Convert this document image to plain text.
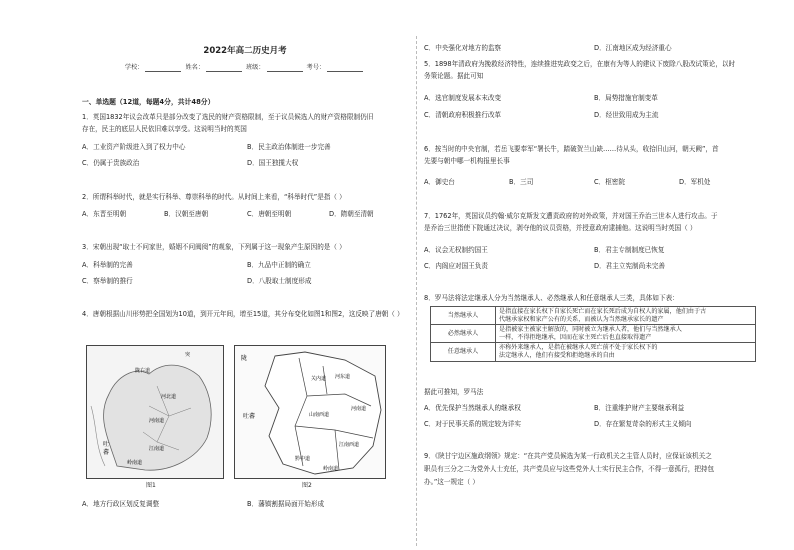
2022年高二历史月考
学校：	姓名：	班级：	考号：
一、单选题（12道，每题4分，共计48分）
1．英国1832年议会改革只是部分改变了选民的财产资格限制，至于议员候选人的财产资格限制仍旧
存在，民主的底层人民依旧难以享受。这说明当时的英国
A．工业资产阶级进入到了权力中心	B．民主政治体制进一步完善
C．仍属于贵族政治	D．国王独揽大权
2．所谓科举时代，就是实行科举、尊崇科举的时代。从时间上来看，“科举时代”是指（ ）
A．东晋至明朝	B．汉朝至唐朝	C．唐朝至明朝	D．隋朝至清朝
3．宋朝出现“取士不问家世，婚姻不问阀阅”的观象，下列属于这一现象产生原因的是（ ）
A．科举制的完善	B．九品中正制的确立
C．察举制的推行	D．八股取士制度形成
4．唐朝根据山川形势把全国划为10道，到开元年间，增至15道，其分布变化如图1和图2，这反映了唐朝（ ）
吐
蕃
陇右道
河北道
河南道
江南道
岭南道
突
图1
陇
吐蕃
关内道 河东道
河南道
山南西道
江南西道
黔中道
岭南道
图2
A．地方行政区划反复调整	B．藩镇割据局面开始形成
C．中央强化对地方的监察	D．江南地区成为经济重心
5．1898年清政府为挽救经济特性，连续推进宪政变之后，在康有为等人的建议下废除八股改试策论，以时
务策论题。据此可知
A．选官制度发展本末改变	B．局势措施官制变革
C．清朝政府积极推行改革	D．经世致用成为主流
6．按当时的中央官制，若岳飞要奉军“署长牛，踏破贺兰山缺……待从头，收拾旧山河，朝天阙”，首
先要与朝中哪一机构报里长事
A．御史台	B．三司	C．枢密院	D．军机处
7．1762年，英国议员约翰·威尔克斯发文遭责政府的对外政策，并对国王乔治三世本人进行攻击。于
是乔治三世指使下院通过决议，剥夺他的议员资格，并授意政府逮捕他。这说明当时英国（ ）
A．议会无权制约国王	B．君主专制制度已恢复
C．内阁应对国王负责	D．君主立宪制尚未完善
8．罗马法将法定继承人分为当然继承人、必然继承人和任意继承人三类，具体如下表：
当然继承人	是指直接在家长权下自家长死亡而在家长死后成为自权人的家属，他们由于古
代继承家权和家产公有的关系，而被认为当然继承家长的遗产

必然继承人	是指被家主被家主解放的，同时被立为继承人者，他们与当然继承人
一样，不得拒绝继承，因而在家主死亡后也直接取得遗产

任意继承人	亦称外来继承人，是指在被继承人死亡前不处于家长权下的
法定继承人，他们有接受和拒绝继承的自由
据此可推知，罗马法
A．优先保护当然继承人的继承权	B．注重维护财产主要继承利益
C．对于民事关系的规定较为详实	D．存在繁复苛杂的形式主义倾向
9．《陕甘宁边区施政纲领》规定：“在共产党员候选为某一行政机关之主管人员时，应保证该机关之
职员有三分之二为党外人士充任，共产党员应与这些党外人士实行民主合作，不得一意孤行，把持包
办。”这一规定（ ）
